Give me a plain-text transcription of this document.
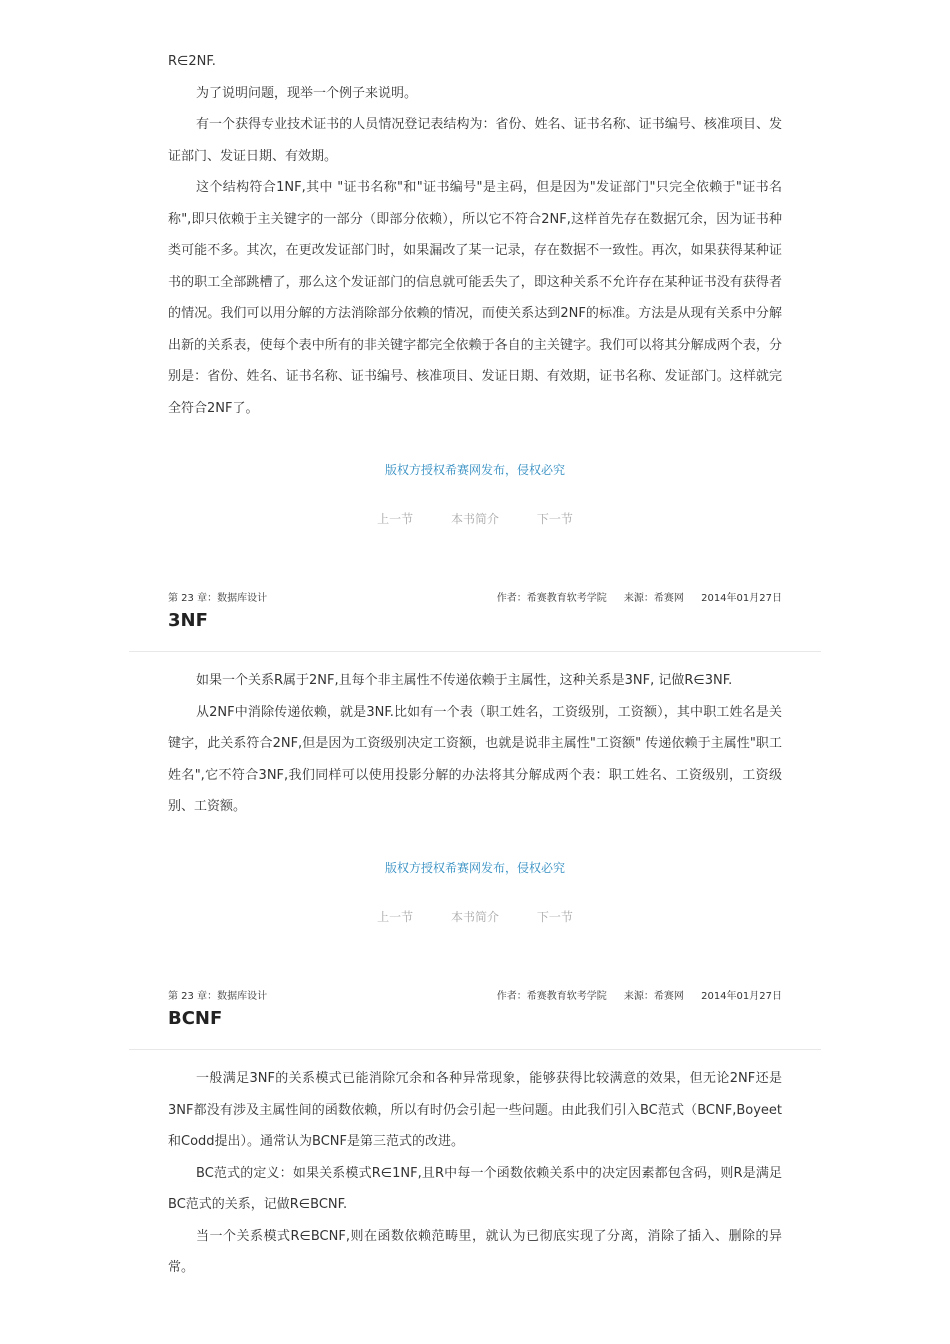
R∈2NF.

为了说明问题，现举一个例子来说明。

有一个获得专业技术证书的人员情况登记表结构为：省份、姓名、证书名称、证书编号、核准项目、发证部门、发证日期、有效期。

这个结构符合1NF,其中 "证书名称"和"证书编号"是主码，但是因为"发证部门"只完全依赖于"证书名称",即只依赖于主关键字的一部分（即部分依赖），所以它不符合2NF,这样首先存在数据冗余，因为证书种类可能不多。其次，在更改发证部门时，如果漏改了某一记录，存在数据不一致性。再次，如果获得某种证书的职工全部跳槽了，那么这个发证部门的信息就可能丢失了，即这种关系不允许存在某种证书没有获得者的情况。我们可以用分解的方法消除部分依赖的情况，而使关系达到2NF的标准。方法是从现有关系中分解出新的关系表，使每个表中所有的非关键字都完全依赖于各自的主关键字。我们可以将其分解成两个表，分别是：省份、姓名、证书名称、证书编号、核准项目、发证日期、有效期，证书名称、发证部门。这样就完全符合2NF了。

版权方授权希赛网发布，侵权必究
上一节	本书简介	下一节
第 23 章：数据库设计	作者：希赛教育软考学院 来源：希赛网 2014年01月27日
3NF

如果一个关系R属于2NF,且每个非主属性不传递依赖于主属性，这种关系是3NF, 记做R∈3NF.

从2NF中消除传递依赖，就是3NF.比如有一个表（职工姓名，工资级别，工资额），其中职工姓名是关键字，此关系符合2NF,但是因为工资级别决定工资额，也就是说非主属性"工资额" 传递依赖于主属性"职工姓名",它不符合3NF,我们同样可以使用投影分解的办法将其分解成两个表：职工姓名、工资级别，工资级别、工资额。

版权方授权希赛网发布，侵权必究
上一节	本书简介	下一节
第 23 章：数据库设计	作者：希赛教育软考学院 来源：希赛网 2014年01月27日
BCNF

一般满足3NF的关系模式已能消除冗余和各种异常现象，能够获得比较满意的效果，但无论2NF还是3NF都没有涉及主属性间的函数依赖，所以有时仍会引起一些问题。由此我们引入BC范式（BCNF,Boyeet和Codd提出）。通常认为BCNF是第三范式的改进。

BC范式的定义：如果关系模式R∈1NF,且R中每一个函数依赖关系中的决定因素都包含码，则R是满足BC范式的关系，记做R∈BCNF.

当一个关系模式R∈BCNF,则在函数依赖范畴里，就认为已彻底实现了分离，消除了插入、删除的异常。
